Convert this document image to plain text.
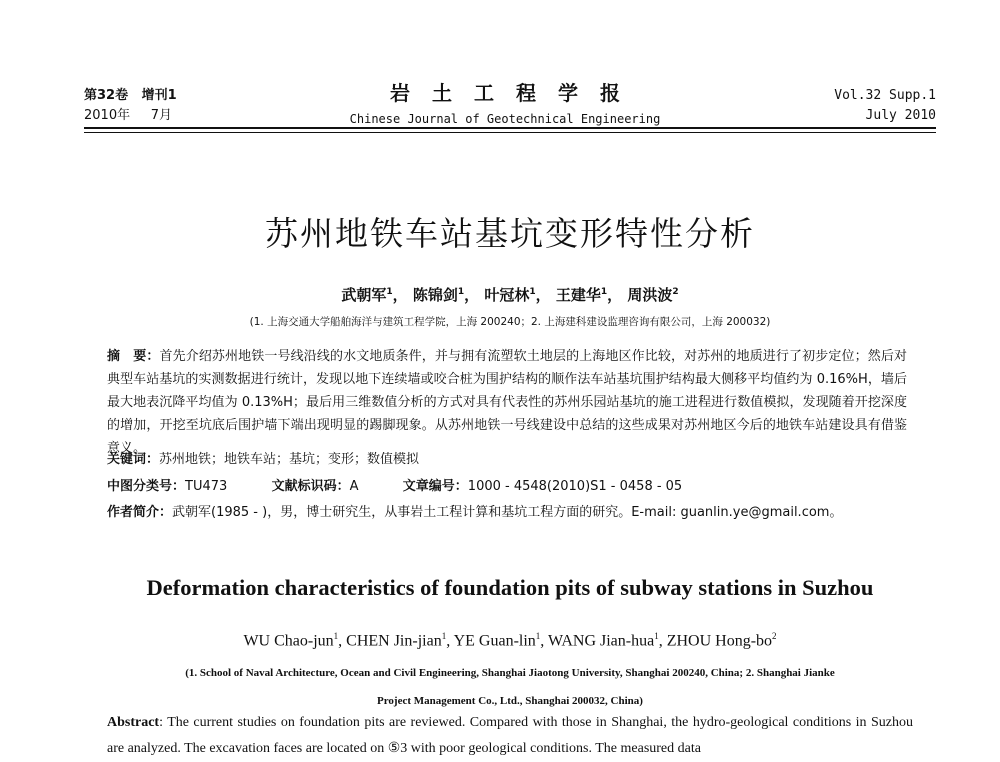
第32卷 增刊1
2010年 7月
岩土工程学报
Chinese Journal of Geotechnical Engineering
Vol.32 Supp.1
July 2010
苏州地铁车站基坑变形特性分析
武朝军$^1$， 陈锦剑$^1$， 叶冠林$^1$， 王建华$^1$， 周洪波$^2$
(1. 上海交通大学船舶海洋与建筑工程学院，上海 200240；2. 上海建科建设监理咨询有限公司，上海 200032)
摘　要：首先介绍苏州地铁一号线沿线的水文地质条件，并与拥有流塑软土地层的上海地区作比较，对苏州的地质进行了初步定位；然后对典型车站基坑的实测数据进行统计，发现以地下连续墙或咬合桩为围护结构的顺作法车站基坑围护结构最大侧移平均值约为 0.16%H，墙后最大地表沉降平均值为 0.13%H；最后用三维数值分析的方式对具有代表性的苏州乐园站基坑的施工进程进行数值模拟，发现随着开挖深度的增加，开挖至坑底后围护墙下端出现明显的踢脚现象。从苏州地铁一号线建设中总结的这些成果对苏州地区今后的地铁车站建设具有借鉴意义。
关键词：苏州地铁；地铁车站；基坑；变形；数值模拟
中图分类号：TU473	文献标识码：A	文章编号：1000 - 4548(2010)S1 - 0458 - 05
作者简介：武朝军(1985 - )，男，博士研究生，从事岩土工程计算和基坑工程方面的研究。E-mail: guanlin.ye@gmail.com。
Deformation characteristics of foundation pits of subway stations in Suzhou
WU Chao-jun$^1$, CHEN Jin-jian$^1$, YE Guan-lin$^1$, WANG Jian-hua$^1$, ZHOU Hong-$bo^2$
(1. School of Naval Architecture, Ocean and Civil Engineering, Shanghai Jiaotong University, Shanghai 200240, China; 2. Shanghai Jianke
Project Management Co., Ltd., Shanghai 200032, China)
Abstract: The current studies on foundation pits are reviewed. Compared with those in Shanghai, the hydro-geological conditions in Suzhou are analyzed. The excavation faces are located on ⑤3 with poor geological conditions. The measured data
